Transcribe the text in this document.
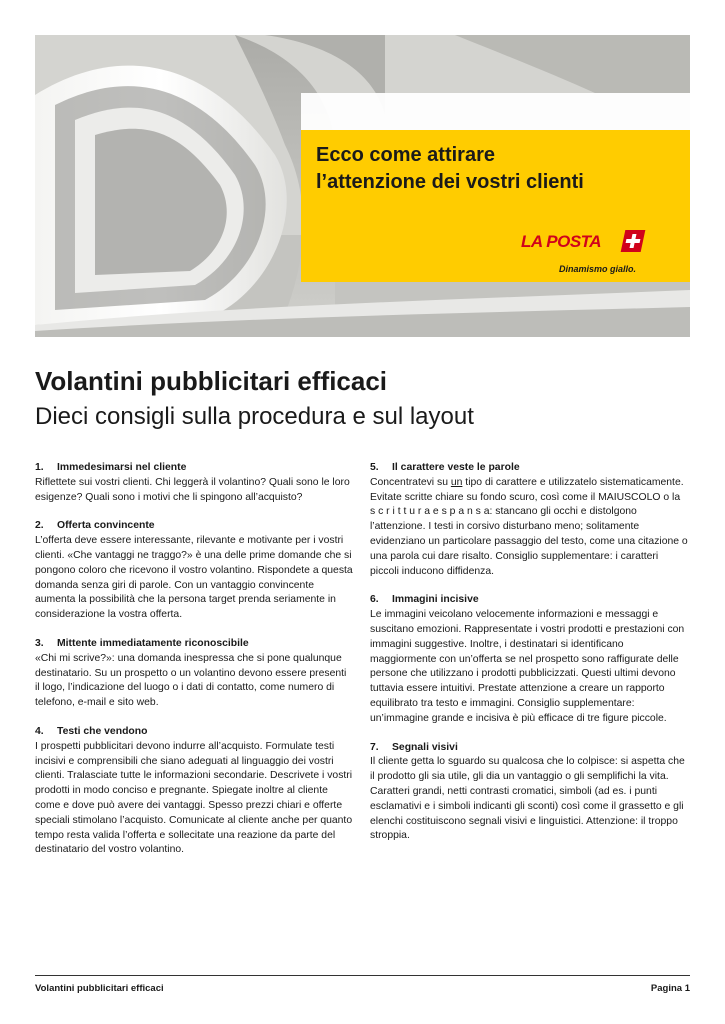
Ecco come attirare
l’attenzione dei vostri clienti
LA POSTA
Dinamismo giallo.
Volantini pubblicitari efficaci
Dieci consigli sulla procedura e sul layout
1. Immedesimarsi nel cliente

Riflettete sui vostri clienti. Chi leggerà il volantino? Quali sono le loro esigenze? Quali sono i motivi che li spingono all’acquisto?

2. Offerta convincente

L’offerta deve essere interessante, rilevante e motivante per i vostri clienti. «Che vantaggi ne traggo?» è una delle prime domande che si pongono coloro che ricevono il vostro volantino. Rispondete a questa domanda senza giri di parole. Con un vantaggio convincente aumenta la possibilità che la persona target prenda seriamente in considerazione la vostra offerta.

3. Mittente immediatamente riconoscibile

«Chi mi scrive?»: una domanda inespressa che si pone qualunque destinatario. Su un prospetto o un volantino devono essere presenti il logo, l’indicazione del luogo o i dati di contatto, come numero di telefono, e-mail e sito web.

4. Testi che vendono

I prospetti pubblicitari devono indurre all’acquisto. Formulate testi incisivi e comprensibili che siano adeguati al linguaggio dei vostri clienti. Tralasciate tutte le informazioni secondarie. Descrivete i vostri prodotti in modo conciso e pregnante. Spiegate inoltre al cliente come e dove può avere dei vantaggi. Spesso prezzi chiari e offerte speciali stimolano l’acquisto. Comunicate al cliente anche per quanto tempo resta valida l’offerta e sollecitate una reazione da parte del destinatario del vostro volantino.

5. Il carattere veste le parole

Concentratevi su un tipo di carattere e utilizzatelo sistematicamente. Evitate scritte chiare su fondo scuro, così come il MAIUSCOLO o la s c r i t t u r a e s p a n s a: stancano gli occhi e distolgono l’attenzione. I testi in corsivo disturbano meno; solitamente evidenziano un particolare passaggio del testo, come una citazione o una parola cui dare risalto. Consiglio supplementare: i caratteri piccoli inducono diffidenza.

6. Immagini incisive

Le immagini veicolano velocemente informazioni e messaggi e suscitano emozioni. Rappresentate i vostri prodotti e prestazioni con immagini suggestive. Inoltre, i destinatari si identificano maggiormente con un’offerta se nel prospetto sono raffigurate delle persone che utilizzano i prodotti pubblicizzati. Questi ultimi devono tuttavia essere intuitivi. Prestate attenzione a creare un rapporto equilibrato tra testo e immagini. Consiglio supplementare: un’immagine grande e incisiva è più efficace di tre figure piccole.

7. Segnali visivi

Il cliente getta lo sguardo su qualcosa che lo colpisce: si aspetta che il prodotto gli sia utile, gli dia un vantaggio o gli semplifichi la vita. Caratteri grandi, netti contrasti cromatici, simboli (ad es. i punti esclamativi e i simboli indicanti gli sconti) così come il grassetto e gli elenchi costituiscono segnali visivi e linguistici. Attenzione: il troppo stroppia.

Volantini pubblicitari efficaci	Pagina 1
